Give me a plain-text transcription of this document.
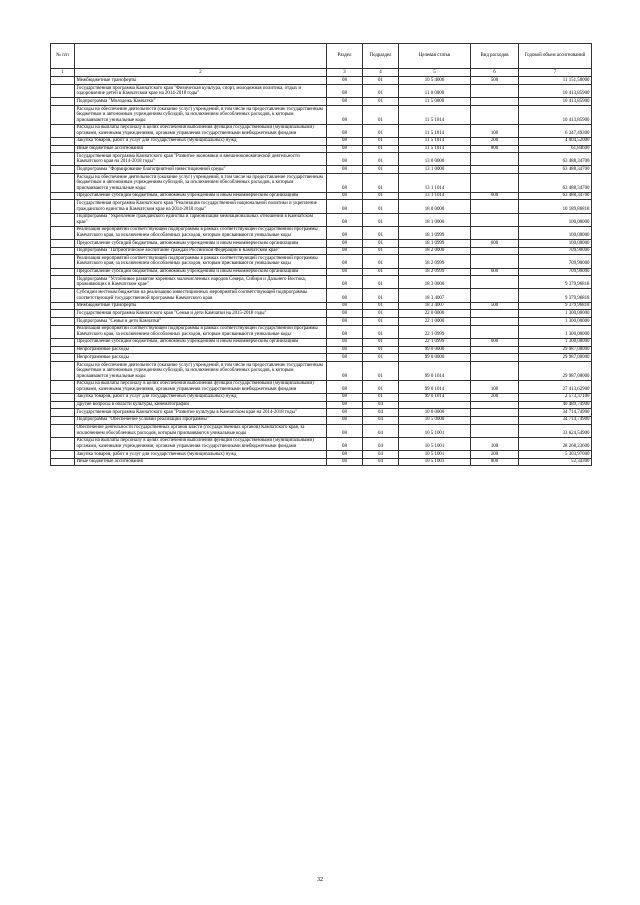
№ п/п		Раздел	Подраздел	Целевая статья	Вид расходов	Годовой объем ассигнований
1	2	3	4	5	6	7
	Межбюджетные трансферты	08	01	10 5 4006	500	11 151,50000
	Государственная программа Камчатского края "Физическая культура, спорт, молодежная политика, отдых и оздоровление детей в Камчатском крае на 2014-2018 годы"	08	01	11 0 0000		10 413,85900
	Подпрограмма "Молодежь Камчатки"	08	01	11 5 0000		10 413,85900
	Расходы на обеспечение деятельности (оказание услуг) учреждений, в том числе на предоставление государственным бюджетным и автономным учреждениям субсидий, за исключением обособленных расходов, к которым присваиваются уникальные коды	08	01	11 5 1014		10 413,85900
	Расходы на выплаты персоналу в целях обеспечения выполнения функций государственными (муниципальными) органами, казенными учреждениями, органами управления государственными внебюджетными фондами	08	01	11 5 1014	100	6 347,49300
	Закупка товаров, работ и услуг для государственных (муниципальных) нужд	08	01	11 5 1014	200	4 004,52000
	Иные бюджетные ассигнования	08	01	11 5 1014	800	61,84600
	Государственная программа Камчатского края "Развитие экономики и внешнеэкономической деятельности Камчатского края на 2014-2018 годы"	08	01	13 0 0000		63 488,34700
	Подпрограмма "Формирование благоприятной инвестиционной среды"	08	01	13 1 0000		63 488,34700
	Расходы на обеспечение деятельности (оказание услуг) учреждений, в том числе на предоставление государственным бюджетным и автономным учреждениям субсидий, за исключением обособленных расходов, к которым присваиваются уникальные коды	08	01	13 1 1014		63 488,34700
	Предоставление субсидий бюджетным, автономным учреждениям и иным некоммерческим организациям	08	01	13 1 1014	600	63 488,34700
	Государственная программа Камчатского края "Реализация государственной национальной политики и укрепление гражданского единства в Камчатском крае на 2014-2018 годы"	08	01	18 0 0000		10 189,86818
	Подпрограмма "Укрепление гражданского единства и гармонизация межнациональных отношений в Камчатском крае"	08	01	18 1 0000		100,00000
	Реализация мероприятий соответствующей подпрограммы в рамках соответствующей государственной программы Камчатского края, за исключением обособленных расходов, которым присваиваются уникальные коды	08	01	18 1 0999		100,00000
	Предоставление субсидий бюджетным, автономным учреждениям и иным некоммерческим организациям	08	01	18 1 0999	600	100,00000
	Подпрограмма "Патриотическое воспитание граждан Российской Федерации в Камчатском крае"	08	01	18 2 0000		709,90000
	Реализация мероприятий соответствующей подпрограммы в рамках соответствующей государственной программы Камчатского края, за исключением обособленных расходов, которым присваиваются уникальные коды	08	01	18 2 0999		709,90000
	Предоставление субсидий бюджетным, автономным учреждениям и иным некоммерческим организациям	08	01	18 2 0999	600	709,90000
	Подпрограмма "Устойчивое развитие коренных малочисленных народов Севера, Сибири и Дальнего Востока, проживающих в Камчатском крае"	08	01	18 3 0000		9 379,96818
	Субсидии местным бюджетам на реализацию инвестиционных мероприятий соответствующей подпрограммы соответствующей государственной программы Камчатского края	08	01	18 3 4007		9 379,96818
	Межбюджетные трансферты	08	01	18 3 4007	500	9 379,96818
	Государственная программа Камчатского края "Семья и дети Камчатки на 2015-2018 годы"	08	01	22 0 0000		1 300,00000
	Подпрограмма "Семья и дети Камчатки"	08	01	22 1 0000		1 300,00000
	Реализация мероприятий соответствующей подпрограммы в рамках соответствующей государственной программы Камчатского края, за исключением обособленных расходов, которым присваиваются уникальные коды	08	01	22 1 0999		1 300,00000
	Предоставление субсидий бюджетным, автономным учреждениям и иным некоммерческим организациям	08	01	22 1 0999	600	1 300,00000
	Непрограммные расходы	08	01	99 0 0000		29 987,00000
	Непрограммные расходы	08	01	99 0 0000		29 987,00000
	Расходы на обеспечение деятельности (оказание услуг) учреждений, в том числе на предоставление государственным бюджетным и автономным учреждениям субсидий, за исключением обособленных расходов, к которым присваиваются уникальные коды	08	01	99 0 1014		29 987,00000
	Расходы на выплаты персоналу в целях обеспечения выполнения функций государственными (муниципальными) органами, казенными учреждениями, органами управления государственными внебюджетными фондами	08	01	99 0 1014	100	27 413,62900
	Закупка товаров, работ и услуг для государственных (муниципальных) нужд	08	01	99 0 1014	200	2 573,37100
	Другие вопросы в области культуры, кинематографии	08	04			40 489,74900
	Государственная программа Камчатского края "Развитие культуры в Камчатском крае на 2014-2018 годы"	08	04	10 0 0000		34 714,74900
	Подпрограмма "Обеспечение условий реализации Программы"	08	04	10 5 0000		34 714,74900
	Обеспечение деятельности государственных органов власти (государственных органов) Камчатского края, за исключением обособленных расходов, которым присваиваются уникальные коды	08	04	10 5 1001		33 624,54900
	Расходы на выплаты персоналу в целях обеспечения выполнения функций государственными (муниципальными) органами, казенными учреждениями, органами управления государственными внебюджетными фондами	08	04	10 5 1001	100	28 268,23600
	Закупка товаров, работ и услуг для государственных (муниципальных) нужд	08	04	10 5 1001	200	5 303,97000
	Иные бюджетные ассигнования	08	04	10 5 1001	800	52,34300
32
